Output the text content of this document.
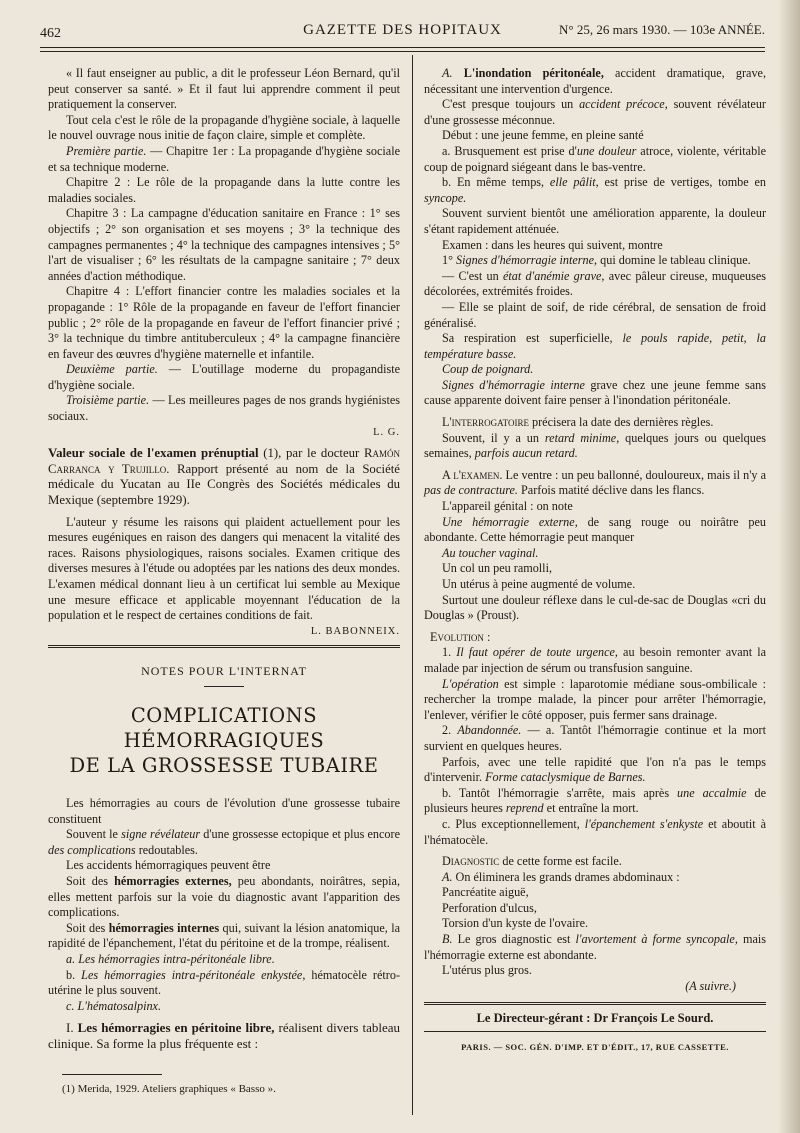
462	GAZETTE DES HOPITAUX	N° 25, 26 mars 1930. — 103e ANNÉE.

« Il faut enseigner au public, a dit le professeur Léon Bernard, qu'il peut conserver sa santé. » Et il faut lui apprendre comment il peut pratiquement la conserver.

Tout cela c'est le rôle de la propagande d'hygiène sociale, à laquelle le nouvel ouvrage nous initie de façon claire, simple et complète.

Première partie. — Chapitre 1er : La propagande d'hygiène sociale et sa technique moderne.

Chapitre 2 : Le rôle de la propagande dans la lutte contre les maladies sociales.

Chapitre 3 : La campagne d'éducation sanitaire en France : 1° ses objectifs ; 2° son organisation et ses moyens ; 3° la technique des campagnes permanentes ; 4° la technique des campagnes intensives ; 5° l'art de visualiser ; 6° les résultats de la campagne sanitaire ; 7° deux années d'action méthodique.

Chapitre 4 : L'effort financier contre les maladies sociales et la propagande : 1° Rôle de la propagande en faveur de l'effort financier public ; 2° rôle de la propagande en faveur de l'effort financier privé ; 3° la technique du timbre antituberculeux ; 4° la campagne financière en faveur des œuvres d'hygiène maternelle et infantile.

Deuxième partie. — L'outillage moderne du propagandiste d'hygiène sociale.

Troisième partie. — Les meilleures pages de nos grands hygiénistes sociaux.

L. G.

Valeur sociale de l'examen prénuptial (1), par le docteur Ramón Carranca y Trujillo. Rapport présenté au nom de la Société médicale du Yucatan au IIe Congrès des Sociétés médicales du Mexique (septembre 1929).

L'auteur y résume les raisons qui plaident actuellement pour les mesures eugéniques en raison des dangers qui menacent la vitalité des races. Raisons physiologiques, raisons sociales. Examen critique des diverses mesures à l'étude ou adoptées par les nations des deux mondes. L'examen médical donnant lieu à un certificat lui semble au Mexique une mesure efficace et applicable moyennant l'éducation de la population et le respect de certaines conditions de fait.

L. BABONNEIX.
NOTES POUR L'INTERNAT
COMPLICATIONS HÉMORRAGIQUES
DE LA GROSSESSE TUBAIRE

Les hémorragies au cours de l'évolution d'une grossesse tubaire constituent

Souvent le signe révélateur d'une grossesse ectopique et plus encore des complications redoutables.

Les accidents hémorragiques peuvent être

Soit des hémorragies externes, peu abondants, noirâtres, sepia, elles mettent parfois sur la voie du diagnostic avant l'apparition des complications.

Soit des hémorragies internes qui, suivant la lésion anatomique, la rapidité de l'épanchement, l'état du péritoine et de la trompe, réalisent.

a. Les hémorragies intra-péritonéale libre.

b. Les hémorragies intra-péritonéale enkystée, hématocèle rétro-utérine le plus souvent.

c. L'hématosalpinx.

I. Les hémorragies en péritoine libre, réalisent divers tableau clinique. Sa forme la plus fréquente est :

(1) Merida, 1929. Ateliers graphiques « Basso ».

A. L'inondation péritonéale, accident dramatique, grave, nécessitant une intervention d'urgence.

C'est presque toujours un accident précoce, souvent révélateur d'une grossesse méconnue.

Début : une jeune femme, en pleine santé

a. Brusquement est prise d'une douleur atroce, violente, véritable coup de poignard siégeant dans le bas-ventre.

b. En même temps, elle pâlit, est prise de vertiges, tombe en syncope.

Souvent survient bientôt une amélioration apparente, la douleur s'étant rapidement atténuée.

Examen : dans les heures qui suivent, montre

1° Signes d'hémorragie interne, qui domine le tableau clinique.

— C'est un état d'anémie grave, avec pâleur cireuse, muqueuses décolorées, extrémités froides.

— Elle se plaint de soif, de ride cérébral, de sensation de froid généralisé.

Sa respiration est superficielle, le pouls rapide, petit, la température basse.

Coup de poignard.

Signes d'hémorragie interne grave chez une jeune femme sans cause apparente doivent faire penser à l'inondation péritonéale.

L'interrogatoire précisera la date des dernières règles.

Souvent, il y a un retard minime, quelques jours ou quelques semaines, parfois aucun retard.

A l'examen. Le ventre : un peu ballonné, douloureux, mais il n'y a pas de contracture. Parfois matité déclive dans les flancs.

L'appareil génital : on note

Une hémorragie externe, de sang rouge ou noirâtre peu abondante. Cette hémorragie peut manquer

Au toucher vaginal.

Un col un peu ramolli,

Un utérus à peine augmenté de volume.

Surtout une douleur réflexe dans le cul-de-sac de Douglas «cri du Douglas » (Proust).

Evolution :

1. Il faut opérer de toute urgence, au besoin remonter avant la malade par injection de sérum ou transfusion sanguine.

L'opération est simple : laparotomie médiane sous-ombilicale : rechercher la trompe malade, la pincer pour arrêter l'hémorragie, l'enlever, vérifier le côté opposer, puis fermer sans drainage.

2. Abandonnée. — a. Tantôt l'hémorragie continue et la mort survient en quelques heures.

Parfois, avec une telle rapidité que l'on n'a pas le temps d'intervenir. Forme cataclysmique de Barnes.

b. Tantôt l'hémorragie s'arrête, mais après une accalmie de plusieurs heures reprend et entraîne la mort.

c. Plus exceptionnellement, l'épanchement s'enkyste et aboutit à l'hématocèle.

Diagnostic de cette forme est facile.

A. On éliminera les grands drames abdominaux :

Pancréatite aiguë,

Perforation d'ulcus,

Torsion d'un kyste de l'ovaire.

B. Le gros diagnostic est l'avortement à forme syncopale, mais l'hémorragie externe est abondante.

L'utérus plus gros.

(A suivre.)

Le Directeur-gérant : Dr François Le Sourd.
PARIS. — SOC. GÉN. D'IMP. ET D'ÉDIT., 17, RUE CASSETTE.
